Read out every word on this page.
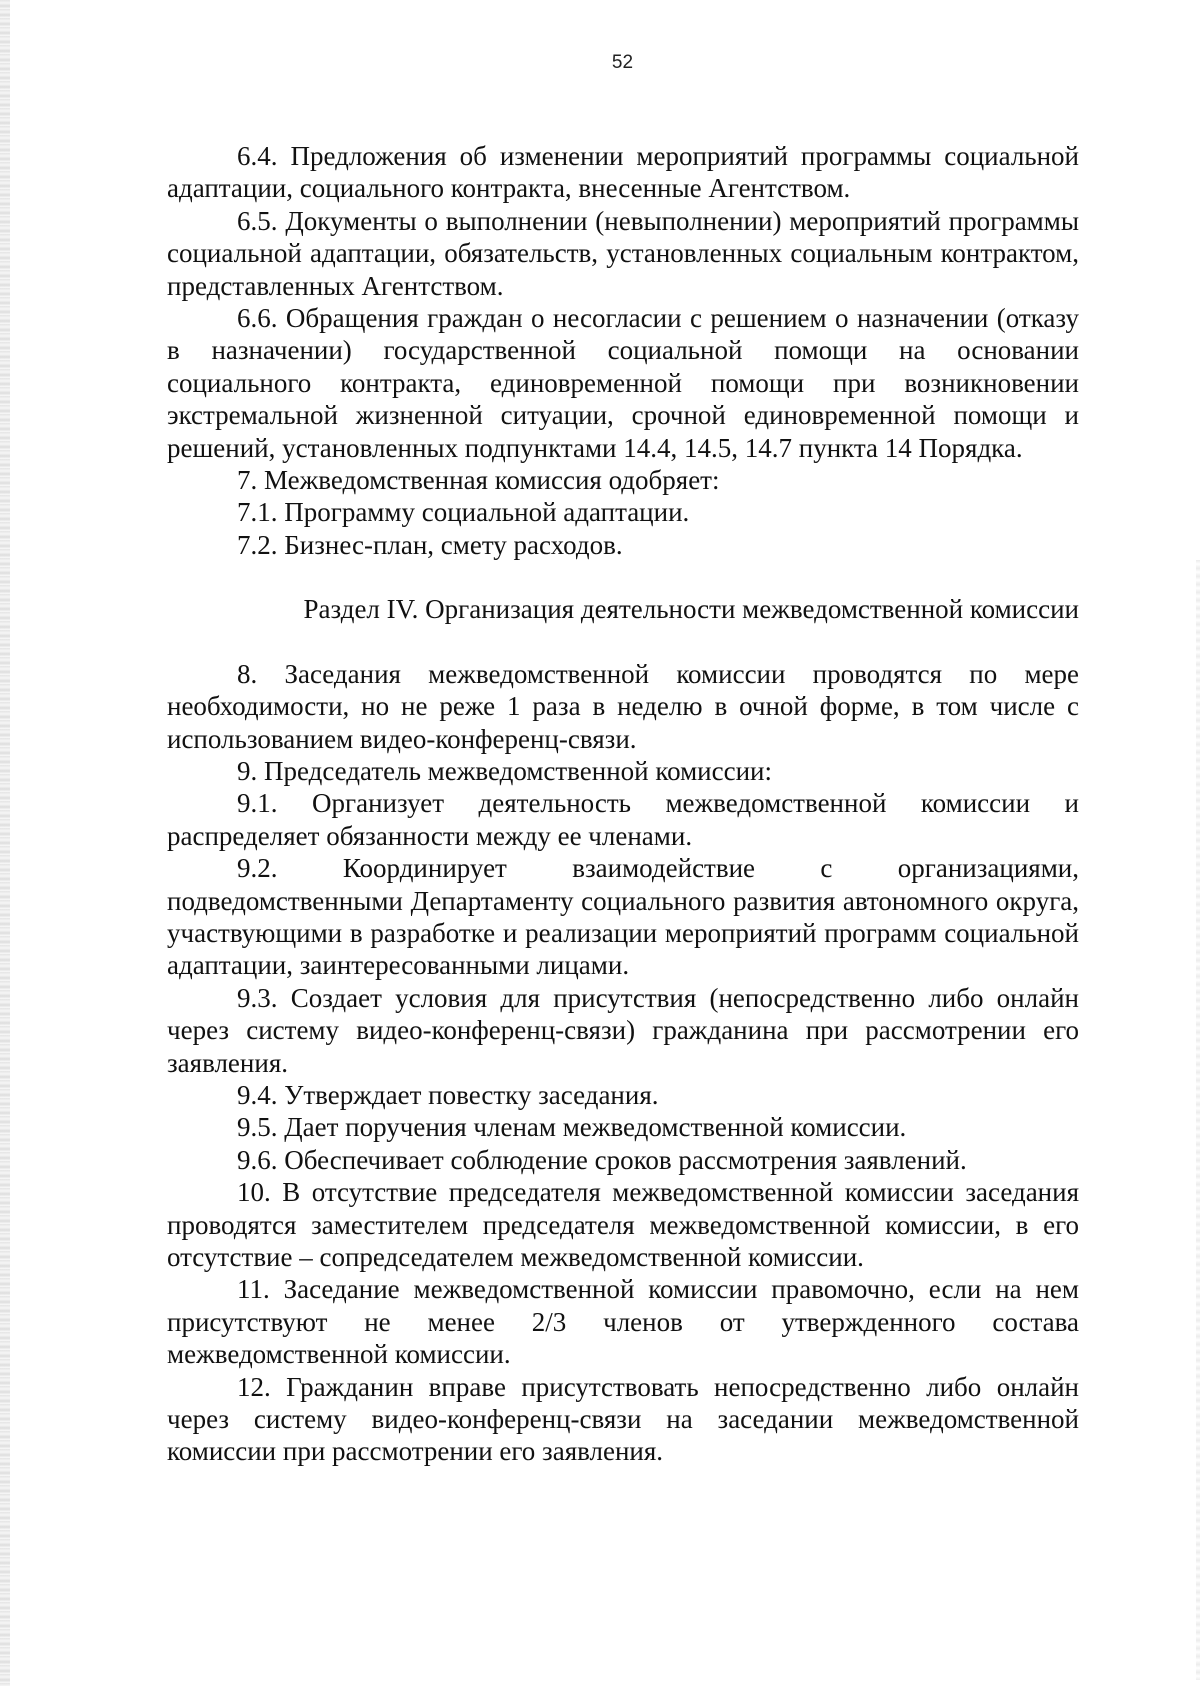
52

6.4. Предложения об изменении мероприятий программы социальной адаптации, социального контракта, внесенные Агентством.

6.5. Документы о выполнении (невыполнении) мероприятий программы социальной адаптации, обязательств, установленных социальным контрактом, представленных Агентством.

6.6. Обращения граждан о несогласии с решением о назначении (отказу в назначении) государственной социальной помощи на основании социального контракта, единовременной помощи при возникновении экстремальной жизненной ситуации, срочной единовременной помощи и решений, установленных подпунктами 14.4, 14.5, 14.7 пункта 14 Порядка.

7. Межведомственная комиссия одобряет:

7.1. Программу социальной адаптации.

7.2. Бизнес-план, смету расходов.

Раздел IV. Организация деятельности межведомственной комиссии

8. Заседания межведомственной комиссии проводятся по мере необходимости, но не реже 1 раза в неделю в очной форме, в том числе с использованием видео-конференц-связи.

9. Председатель межведомственной комиссии:

9.1. Организует деятельность межведомственной комиссии и распределяет обязанности между ее членами.

9.2. Координирует взаимодействие с организациями, подведомственными Департаменту социального развития автономного округа, участвующими в разработке и реализации мероприятий программ социальной адаптации, заинтересованными лицами.

9.3. Создает условия для присутствия (непосредственно либо онлайн через систему видео-конференц-связи) гражданина при рассмотрении его заявления.

9.4. Утверждает повестку заседания.

9.5. Дает поручения членам межведомственной комиссии.

9.6. Обеспечивает соблюдение сроков рассмотрения заявлений.

10. В отсутствие председателя межведомственной комиссии заседания проводятся заместителем председателя межведомственной комиссии, в его отсутствие – сопредседателем межведомственной комиссии.

11. Заседание межведомственной комиссии правомочно, если на нем присутствуют не менее 2/3 членов от утвержденного состава межведомственной комиссии.

12. Гражданин вправе присутствовать непосредственно либо онлайн через систему видео-конференц-связи на заседании межведомственной комиссии при рассмотрении его заявления.
